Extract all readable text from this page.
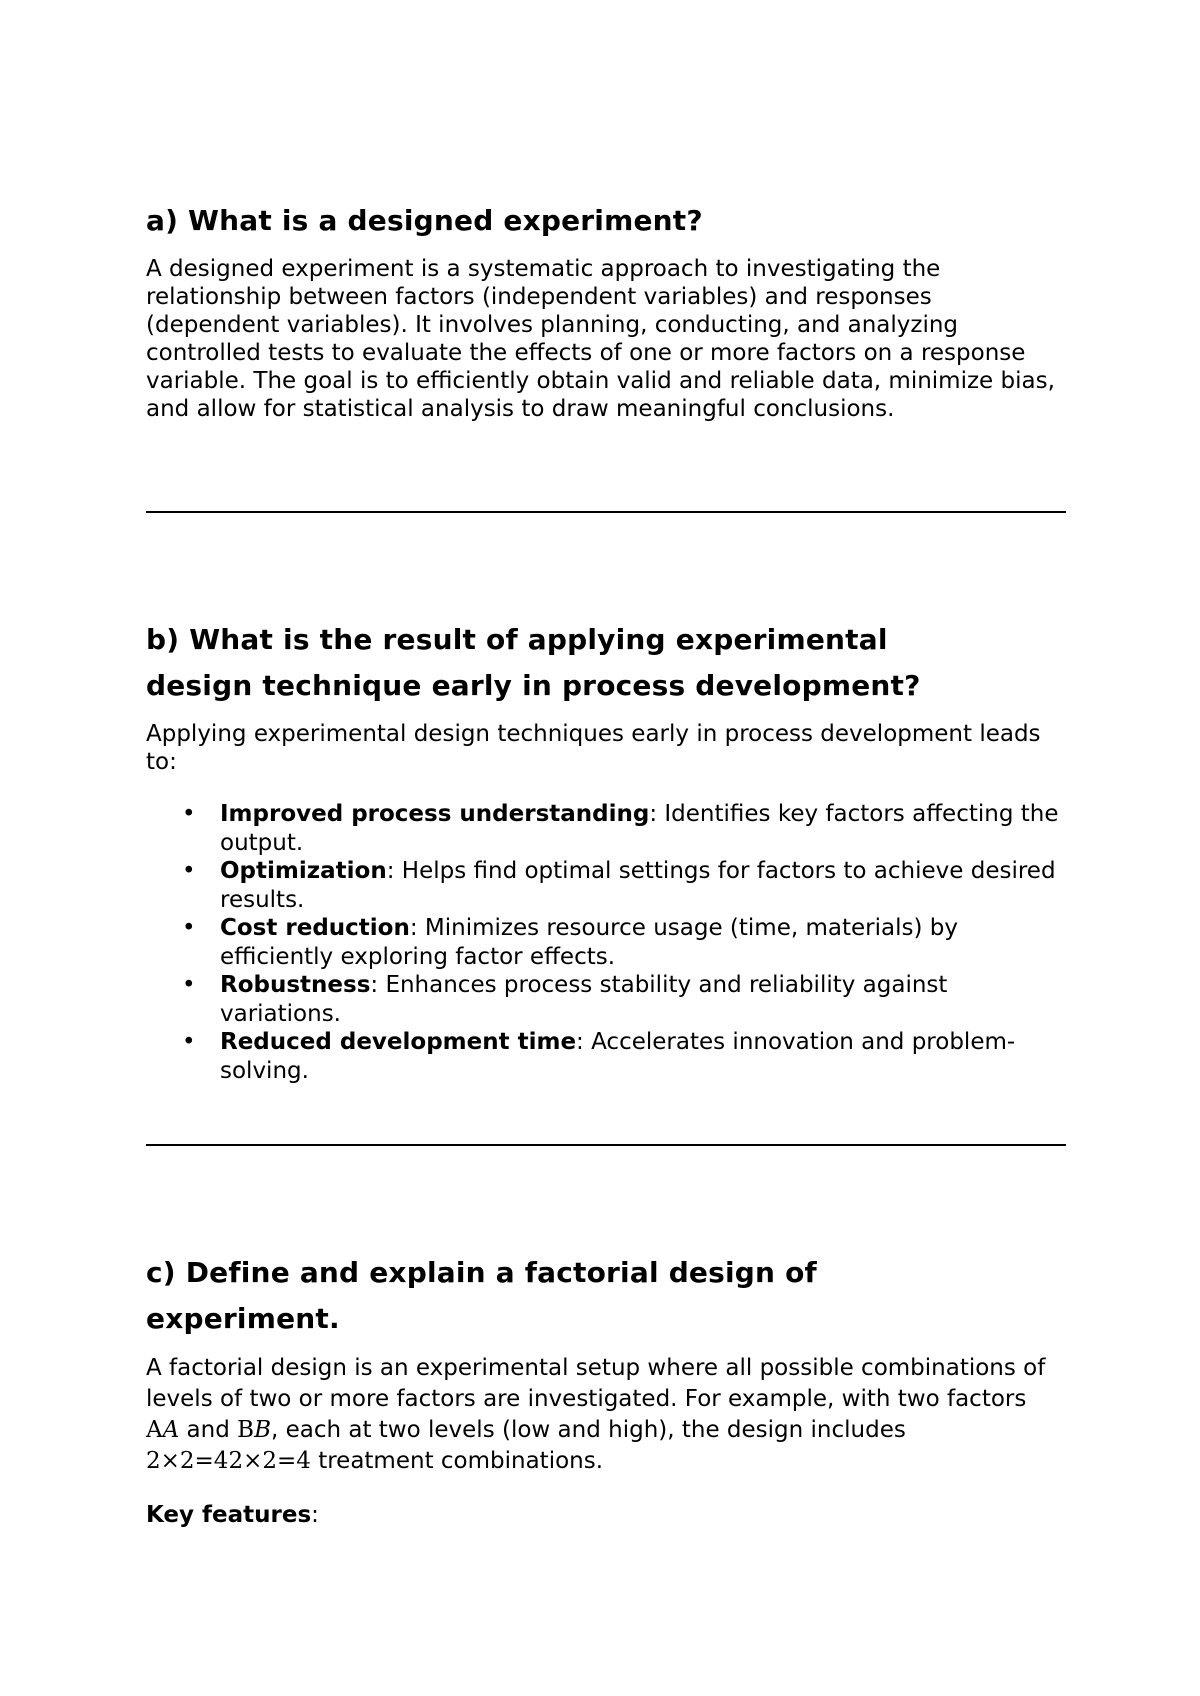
a) What is a designed experiment?

A designed experiment is a systematic approach to investigating the relationship between factors (independent variables) and responses (dependent variables). It involves planning, conducting, and analyzing controlled tests to evaluate the effects of one or more factors on a response variable. The goal is to efficiently obtain valid and reliable data, minimize bias, and allow for statistical analysis to draw meaningful conclusions.

b) What is the result of applying experimental
design technique early in process development?

Applying experimental design techniques early in process development leads to:

• Improved process understanding: Identifies key factors affecting the output.
• Optimization: Helps find optimal settings for factors to achieve desired results.
• Cost reduction: Minimizes resource usage (time, materials) by efficiently exploring factor effects.
• Robustness: Enhances process stability and reliability against variations.
• Reduced development time: Accelerates innovation and problem-solving.
c) Define and explain a factorial design of
experiment.

A factorial design is an experimental setup where all possible combinations of levels of two or more factors are investigated. For example, with two factors AA and BB, each at two levels (low and high), the design includes 2×2=42×2=4 treatment combinations.

Key features:
